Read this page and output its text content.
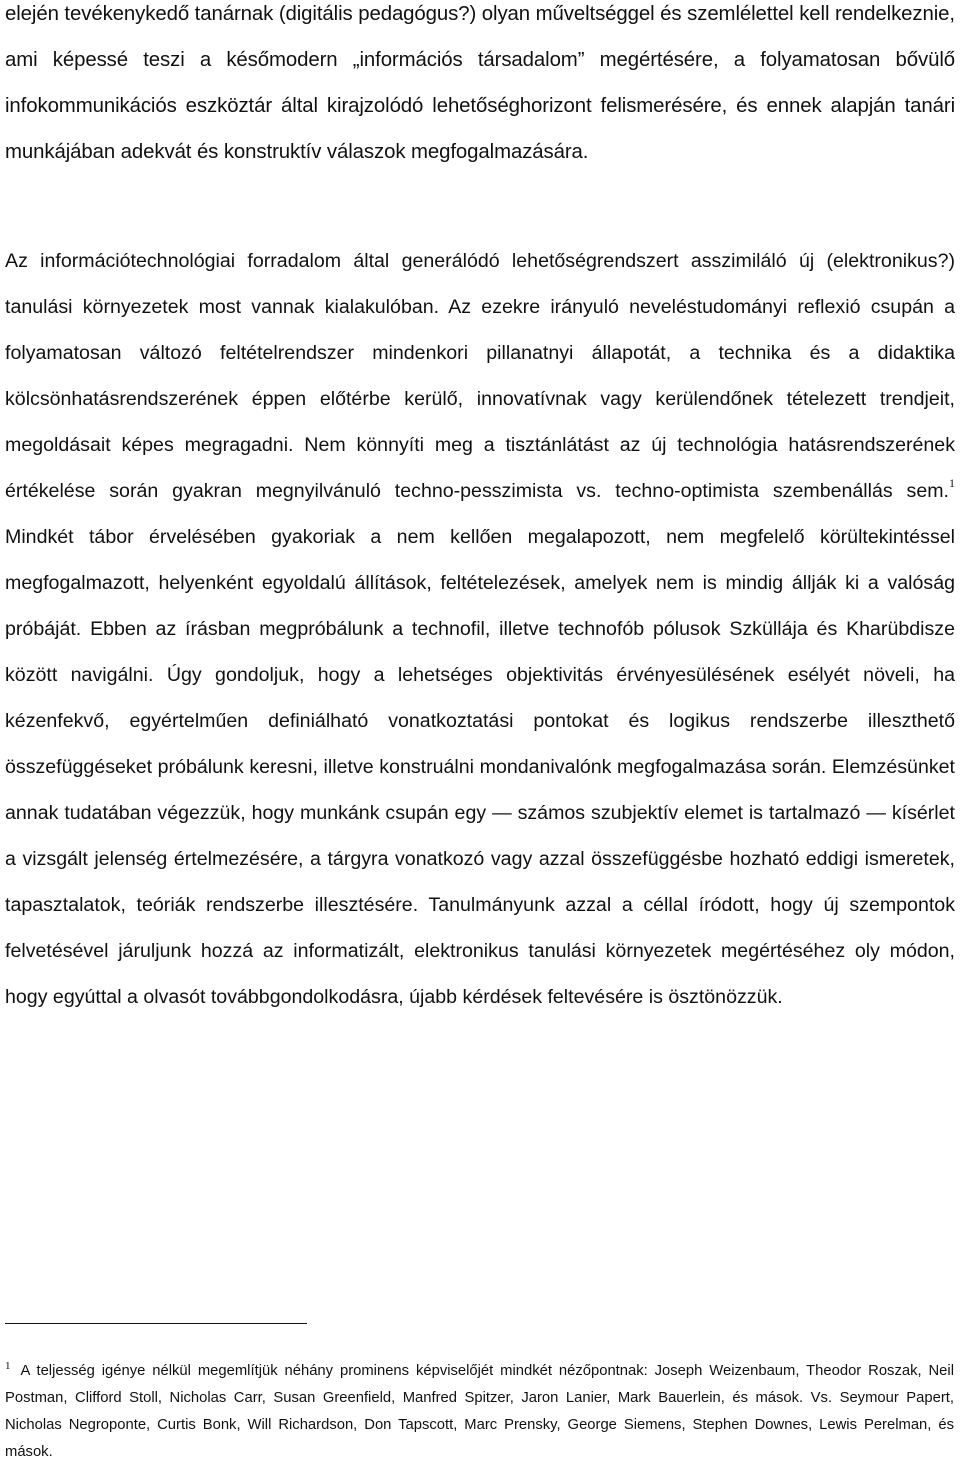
elején tevékenykedő tanárnak (digitális pedagógus?) olyan műveltséggel és szemlélettel kell rendelkeznie, ami képessé teszi a későmodern „információs társadalom” megértésére, a folyamatosan bővülő infokommunikációs eszköztár által kirajzolódó lehetőséghorizont felismerésére, és ennek alapján tanári munkájában adekvát és konstruktív válaszok megfogalmazására.

Az információtechnológiai forradalom által generálódó lehetőségrendszert asszimiláló új (elektronikus?) tanulási környezetek most vannak kialakulóban. Az ezekre irányuló neveléstudományi reflexió csupán a folyamatosan változó feltételrendszer mindenkori pillanatnyi állapotát, a technika és a didaktika kölcsönhatásrendszerének éppen előtérbe kerülő, innovatívnak vagy kerülendőnek tételezett trendjeit, megoldásait képes megragadni. Nem könnyíti meg a tisztánlátást az új technológia hatásrendszerének értékelése során gyakran megnyilvánuló techno-pesszimista vs. techno-optimista szembenállás sem.$^1$ Mindkét tábor érvelésében gyakoriak a nem kellően megalapozott, nem megfelelő körültekintéssel megfogalmazott, helyenként egyoldalú állítások, feltételezések, amelyek nem is mindig állják ki a valóság próbáját. Ebben az írásban megpróbálunk a technofil, illetve technofób pólusok Szküllája és Kharübdisze között navigálni. Úgy gondoljuk, hogy a lehetséges objektivitás érvényesülésének esélyét növeli, ha kézenfekvő, egyértelműen definiálható vonatkoztatási pontokat és logikus rendszerbe illeszthető összefüggéseket próbálunk keresni, illetve konstruálni mondanivalónk megfogalmazása során. Elemzésünket annak tudatában végezzük, hogy munkánk csupán egy — számos szubjektív elemet is tartalmazó — kísérlet a vizsgált jelenség értelmezésére, a tárgyra vonatkozó vagy azzal összefüggésbe hozható eddigi ismeretek, tapasztalatok, teóriák rendszerbe illesztésére. Tanulmányunk azzal a céllal íródott, hogy új szempontok felvetésével járuljunk hozzá az informatizált, elektronikus tanulási környezetek megértéséhez oly módon, hogy egyúttal a olvasót továbbgondolkodásra, újabb kérdések feltevésére is ösztönözzük.

$^1$ A teljesség igénye nélkül megemlítjük néhány prominens képviselőjét mindkét nézőpontnak: Joseph Weizenbaum, Theodor Roszak, Neil Postman, Clifford Stoll, Nicholas Carr, Susan Greenfield, Manfred Spitzer, Jaron Lanier, Mark Bauerlein, és mások. Vs. Seymour Papert, Nicholas Negroponte, Curtis Bonk, Will Richardson, Don Tapscott, Marc Prensky, George Siemens, Stephen Downes, Lewis Perelman, és mások.
